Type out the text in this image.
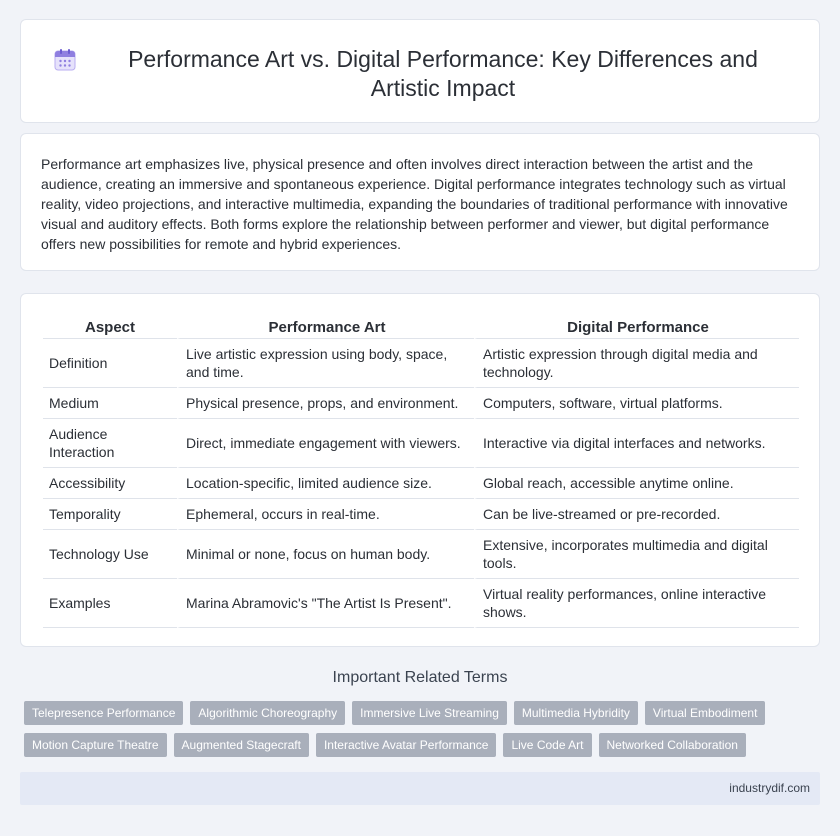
Performance Art vs. Digital Performance: Key Differences and Artistic Impact

Performance art emphasizes live, physical presence and often involves direct interaction between the artist and the audience, creating an immersive and spontaneous experience. Digital performance integrates technology such as virtual reality, video projections, and interactive multimedia, expanding the boundaries of traditional performance with innovative visual and auditory effects. Both forms explore the relationship between performer and viewer, but digital performance offers new possibilities for remote and hybrid experiences.

Aspect	Performance Art	Digital Performance
Definition	Live artistic expression using body, space, and time.	Artistic expression through digital media and technology.
Medium	Physical presence, props, and environment.	Computers, software, virtual platforms.
Audience Interaction	Direct, immediate engagement with viewers.	Interactive via digital interfaces and networks.
Accessibility	Location-specific, limited audience size.	Global reach, accessible anytime online.
Temporality	Ephemeral, occurs in real-time.	Can be live-streamed or pre-recorded.
Technology Use	Minimal or none, focus on human body.	Extensive, incorporates multimedia and digital tools.
Examples	Marina Abramovic's "The Artist Is Present".	Virtual reality performances, online interactive shows.
Important Related Terms
Telepresence Performance	Algorithmic Choreography	Immersive Live Streaming	Multimedia Hybridity	Virtual Embodiment
Motion Capture Theatre	Augmented Stagecraft	Interactive Avatar Performance	Live Code Art	Networked Collaboration
industrydif.com
